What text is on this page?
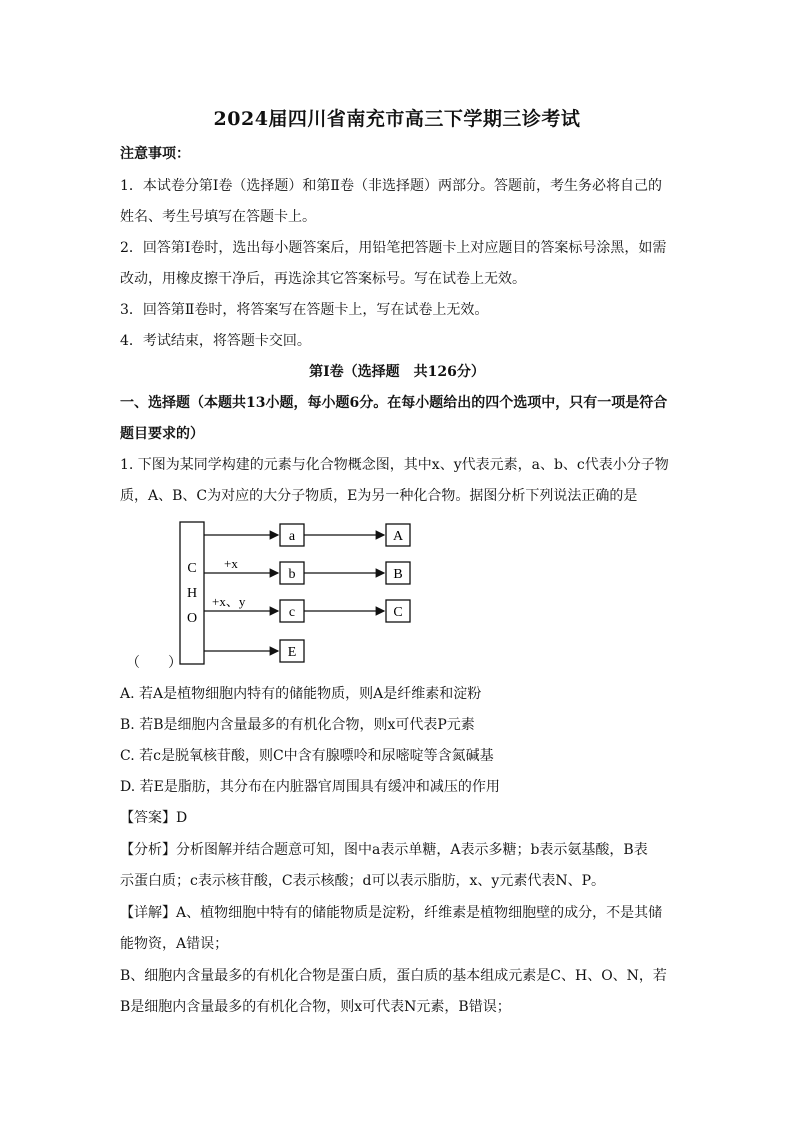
2024届四川省南充市高三下学期三诊考试
注意事项：
1．本试卷分第Ⅰ卷（选择题）和第Ⅱ卷（非选择题）两部分。答题前，考生务必将自己的
姓名、考生号填写在答题卡上。
2．回答第Ⅰ卷时，选出每小题答案后，用铅笔把答题卡上对应题目的答案标号涂黑，如需
改动，用橡皮擦干净后，再选涂其它答案标号。写在试卷上无效。
3．回答第Ⅱ卷时，将答案写在答题卡上，写在试卷上无效。
4．考试结束，将答题卡交回。
第Ⅰ卷（选择题　共126分）
一、选择题（本题共13小题，每小题6分。在每小题给出的四个选项中，只有一项是符合
题目要求的）
1. 下图为某同学构建的元素与化合物概念图，其中x、y代表元素，a、b、c代表小分子物
质，A、B、C为对应的大分子物质，E为另一种化合物。据图分析下列说法正确的是
C
H
O
+x
+x、y
a
b
c
E
A
B
C
（　　）
A. 若A是植物细胞内特有的储能物质，则A是纤维素和淀粉
B. 若B是细胞内含量最多的有机化合物，则x可代表P元素
C. 若c是脱氧核苷酸，则C中含有腺嘌呤和尿嘧啶等含氮碱基
D. 若E是脂肪，其分布在内脏器官周围具有缓冲和减压的作用
【答案】D
【分析】分析图解并结合题意可知，图中a表示单糖，A表示多糖；b表示氨基酸，B表
示蛋白质；c表示核苷酸，C表示核酸；d可以表示脂肪，x、y元素代表N、P。
【详解】A、植物细胞中特有的储能物质是淀粉，纤维素是植物细胞壁的成分，不是其储
能物资，A错误；
B、细胞内含量最多的有机化合物是蛋白质，蛋白质的基本组成元素是C、H、O、N，若
B是细胞内含量最多的有机化合物，则x可代表N元素，B错误；
